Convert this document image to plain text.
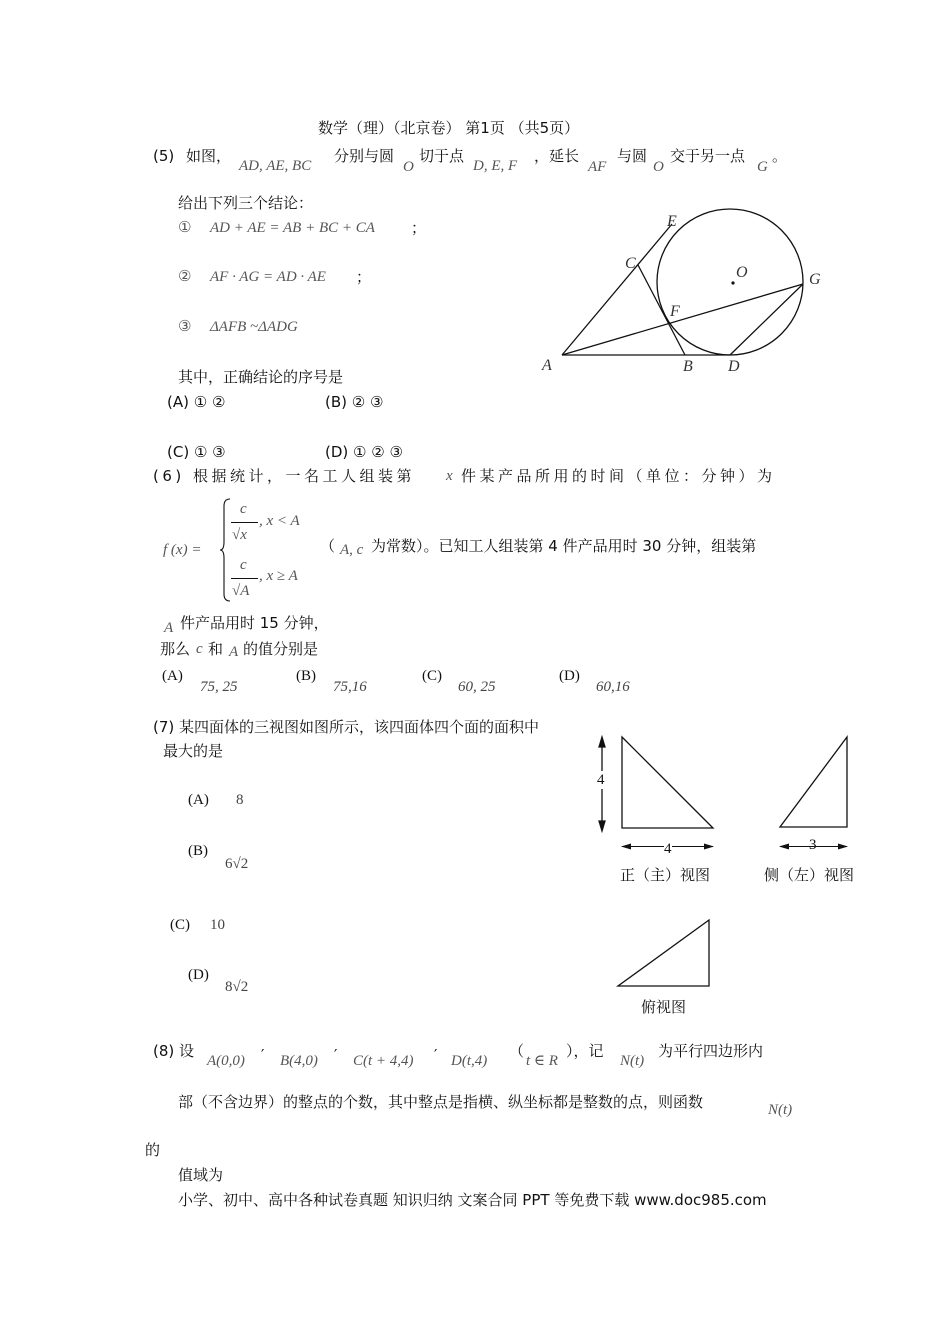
数学（理）（北京卷） 第1页 （共5页）
(5) 如图，
AD, AE, BC
分别与圆
O
切于点
D, E, F
，延长
AF
与圆
O
交于另一点
G
。
给出下列三个结论：
① AD + AE = AB + BC + CA ；
② AF · AG = AD · AE ；
③ ΔAFB ~ΔADG
其中，正确结论的序号是
(A) ① ②	(B) ② ③
(C) ① ③	(D) ① ② ③
E
C
O	G
F
A	B D
(6) 根据统计，一名工人组装第 x 件某产品所用的时间（单位：分钟）为
f (x) =
c
√x
, x < A
c
√A
, x ≥ A
（ A, c 为常数）。已知工人组装第 4 件产品用时 30 分钟，组装第
A 件产品用时 15 分钟，
那么 c 和 A 的值分别是
(A)
75, 25
(B)
75,16
(C)
60, 25
(D)
60,16
(7) 某四面体的三视图如图所示，该四面体四个面的面积中
最大的是
(A) 8
(B)
6√2
(C) 10
(D)
8√2
4
4
正（主）视图
3
侧（左）视图
俯视图
(8) 设
A(0,0) ′ B(4,0) ′ C(t + 4,4) ′ D(t,4)
（
t ∈ R
），记
N(t)
为平行四边形内
部（不含边界）的整点的个数，其中整点是指横、纵坐标都是整数的点，则函数	N(t)
的
值域为
小学、初中、高中各种试卷真题 知识归纳 文案合同 PPT 等免费下载 www.doc985.com
